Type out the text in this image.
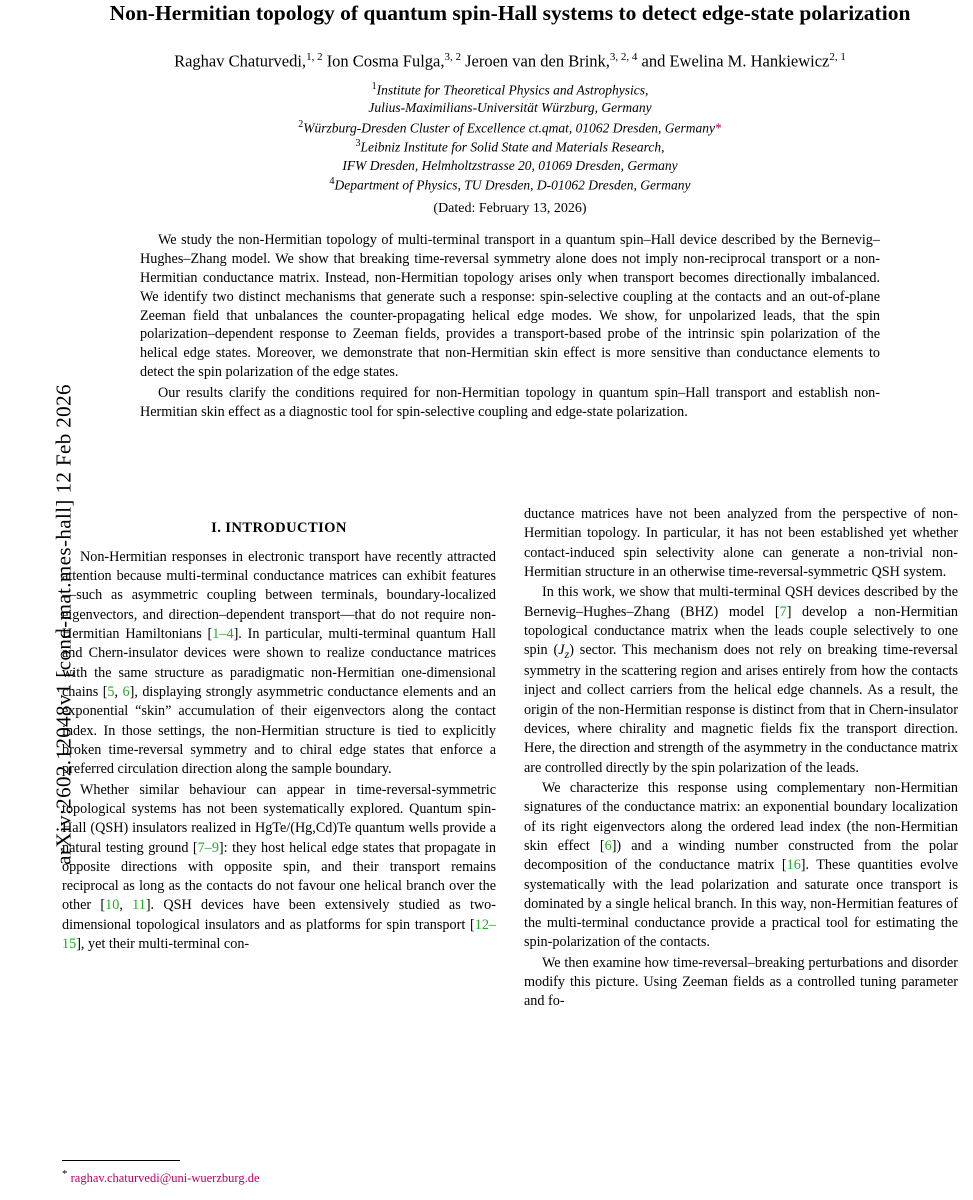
arXiv:2602.12048v1 [cond-mat.mes-hall] 12 Feb 2026
Non-Hermitian topology of quantum spin-Hall systems to detect edge-state polarization
Raghav Chaturvedi,$^{1, 2}$ Ion Cosma Fulga,$^{3, 2}$ Jeroen van den Brink,$^{3, 2, 4}$ and Ewelina M. Hankiewicz$^{2, 1}$
$^1$Institute for Theoretical Physics and Astrophysics,
Julius-Maximilians-Universität Würzburg, Germany
$^2$Würzburg-Dresden Cluster of Excellence ct.qmat, 01062 Dresden, Germany*
$^3$Leibniz Institute for Solid State and Materials Research,
IFW Dresden, Helmholtzstrasse 20, 01069 Dresden, Germany
$^4$Department of Physics, TU Dresden, D-01062 Dresden, Germany
(Dated: February 13, 2026)

We study the non-Hermitian topology of multi-terminal transport in a quantum spin–Hall device described by the Bernevig–Hughes–Zhang model. We show that breaking time-reversal symmetry alone does not imply non-reciprocal transport or a non-Hermitian conductance matrix. Instead, non-Hermitian topology arises only when transport becomes directionally imbalanced. We identify two distinct mechanisms that generate such a response: spin-selective coupling at the contacts and an out-of-plane Zeeman field that unbalances the counter-propagating helical edge modes. We show, for unpolarized leads, that the spin polarization–dependent response to Zeeman fields, provides a transport-based probe of the intrinsic spin polarization of the helical edge states. Moreover, we demonstrate that non-Hermitian skin effect is more sensitive than conductance elements to detect the spin polarization of the edge states.

Our results clarify the conditions required for non-Hermitian topology in quantum spin–Hall transport and establish non-Hermitian skin effect as a diagnostic tool for spin-selective coupling and edge-state polarization.

I. INTRODUCTION

Non-Hermitian responses in electronic transport have recently attracted attention because multi-terminal conductance matrices can exhibit features—such as asymmetric coupling between terminals, boundary-localized eigenvectors, and direction–dependent transport—that do not require non-Hermitian Hamiltonians [1–4]. In particular, multi-terminal quantum Hall and Chern-insulator devices were shown to realize conductance matrices with the same structure as paradigmatic non-Hermitian one-dimensional chains [5, 6], displaying strongly asymmetric conductance elements and an exponential “skin” accumulation of their eigenvectors along the contact index. In those settings, the non-Hermitian structure is tied to explicitly broken time-reversal symmetry and to chiral edge states that enforce a preferred circulation direction along the sample boundary.

Whether similar behaviour can appear in time-reversal-symmetric topological systems has not been systematically explored. Quantum spin-Hall (QSH) insulators realized in HgTe/(Hg,Cd)Te quantum wells provide a natural testing ground [7–9]: they host helical edge states that propagate in opposite directions with opposite spin, and their transport remains reciprocal as long as the contacts do not favour one helical branch over the other [10, 11]. QSH devices have been extensively studied as two-dimensional topological insulators and as platforms for spin transport [12–15], yet their multi-terminal con-

* raghav.chaturvedi@uni-wuerzburg.de

ductance matrices have not been analyzed from the perspective of non-Hermitian topology. In particular, it has not been established yet whether contact-induced spin selectivity alone can generate a non-trivial non-Hermitian structure in an otherwise time-reversal-symmetric QSH system.

In this work, we show that multi-terminal QSH devices described by the Bernevig–Hughes–Zhang (BHZ) model [7] develop a non-Hermitian topological conductance matrix when the leads couple selectively to one spin $(J_z)$ sector. This mechanism does not rely on breaking time-reversal symmetry in the scattering region and arises entirely from how the contacts inject and collect carriers from the helical edge channels. As a result, the origin of the non-Hermitian response is distinct from that in Chern-insulator devices, where chirality and magnetic fields fix the transport direction. Here, the direction and strength of the asymmetry in the conductance matrix are controlled directly by the spin polarization of the leads.

We characterize this response using complementary non-Hermitian signatures of the conductance matrix: an exponential boundary localization of its right eigenvectors along the ordered lead index (the non-Hermitian skin effect [6]) and a winding number constructed from the polar decomposition of the conductance matrix [16]. These quantities evolve systematically with the lead polarization and saturate once transport is dominated by a single helical branch. In this way, non-Hermitian features of the multi-terminal conductance provide a practical tool for estimating the spin-polarization of the contacts.

We then examine how time-reversal–breaking perturbations and disorder modify this picture. Using Zeeman fields as a controlled tuning parameter and fo-
